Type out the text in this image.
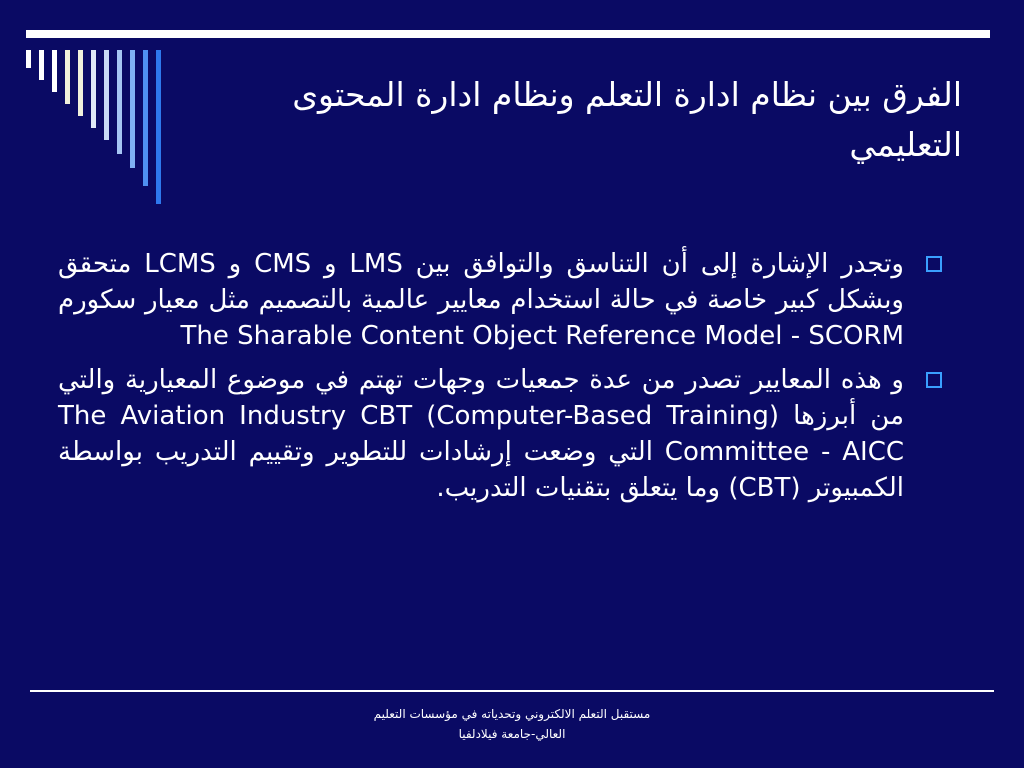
الفرق بين نظام ادارة التعلم ونظام ادارة المحتوى التعليمي
وتجدر الإشارة إلى أن التناسق والتوافق بين LMS و CMS و LCMS متحقق وبشكل كبير خاصة في حالة استخدام معايير عالمية بالتصميم مثل معيار سكورم The Sharable Content Object Reference Model - SCORM
و هذه المعايير تصدر من عدة جمعيات وجهات تهتم في موضوع المعيارية والتي من أبرزها The Aviation Industry CBT (Computer-Based Training) Committee - AICC التي وضعت إرشادات للتطوير وتقييم التدريب بواسطة الكمبيوتر (CBT) وما يتعلق بتقنيات التدريب.
مستقبل التعلم الالكتروني وتحدياته في مؤسسات التعليم
العالي-جامعة فيلادلفيا
